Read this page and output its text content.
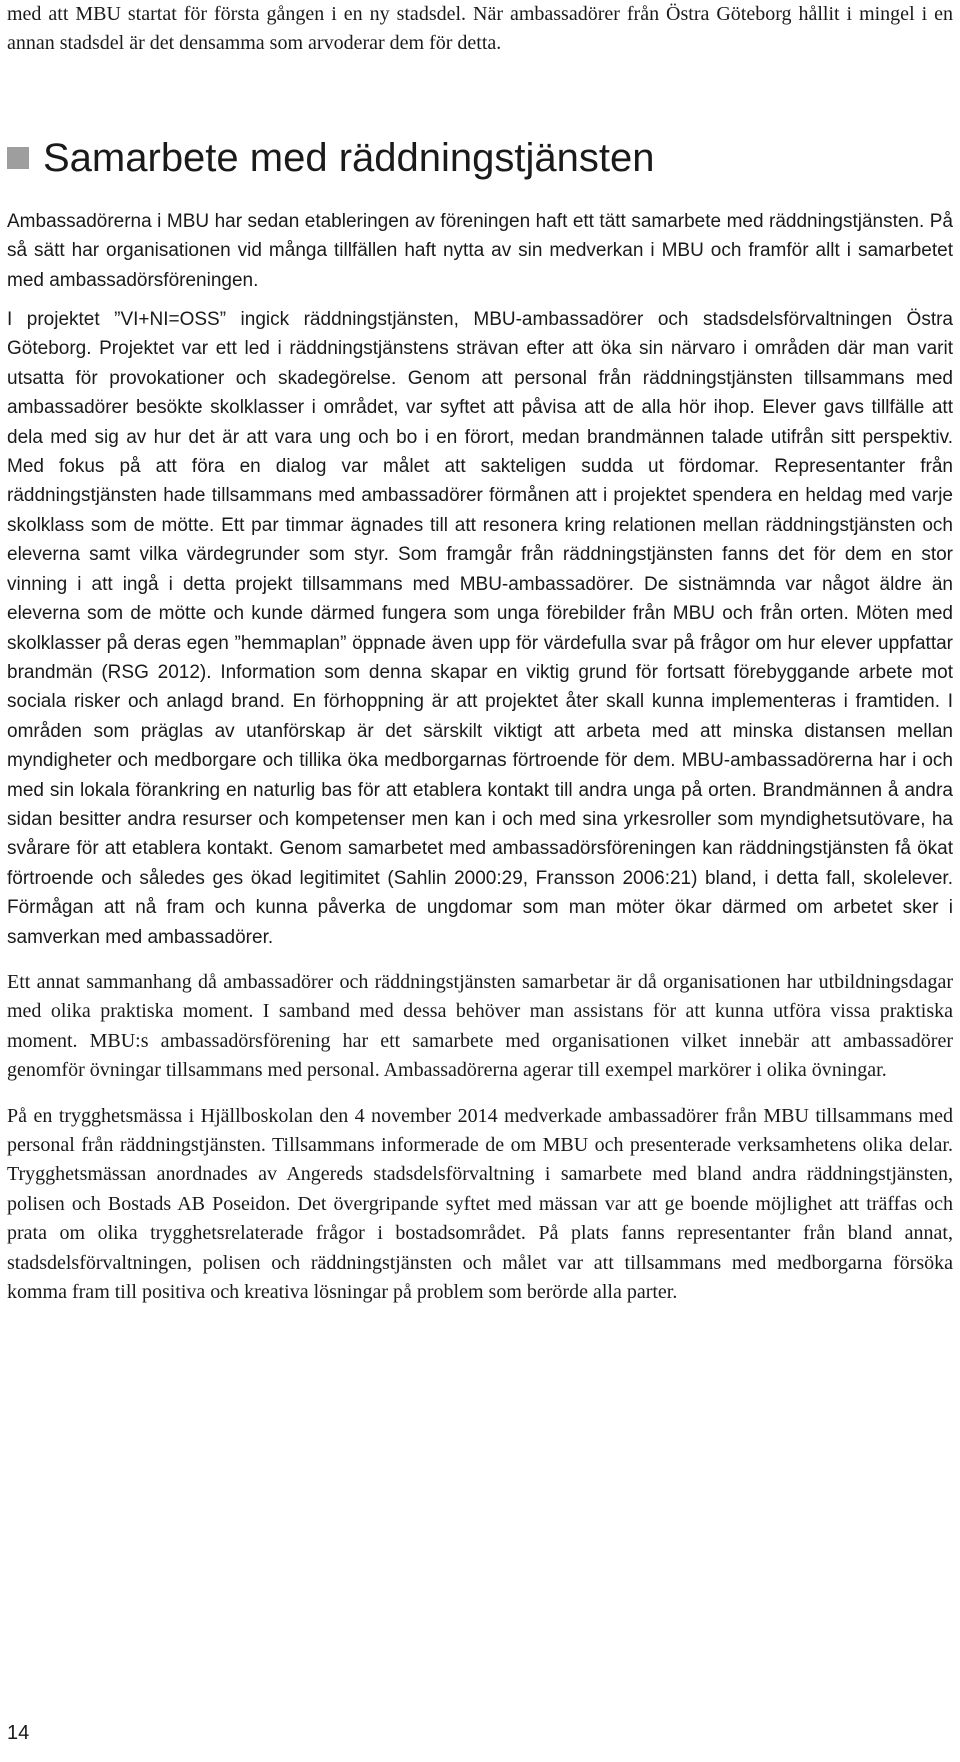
med att MBU startat för första gången i en ny stadsdel. När ambassadörer från Östra Göteborg hållit i mingel i en annan stadsdel är det densamma som arvoderar dem för detta.

Samarbete med räddningstjänsten

Ambassadörerna i MBU har sedan etableringen av föreningen haft ett tätt samarbete med räddningstjänsten. På så sätt har organisationen vid många tillfällen haft nytta av sin medverkan i MBU och framför allt i samarbetet med ambassadörsföreningen.

I projektet ”VI+NI=OSS” ingick räddningstjänsten, MBU-ambassadörer och stadsdelsförvaltningen Östra Göteborg. Projektet var ett led i räddningstjänstens strävan efter att öka sin närvaro i områden där man varit utsatta för provokationer och skadegörelse. Genom att personal från räddningstjänsten tillsammans med ambassadörer besökte skolklasser i området, var syftet att påvisa att de alla hör ihop. Elever gavs tillfälle att dela med sig av hur det är att vara ung och bo i en förort, medan brandmännen talade utifrån sitt perspektiv. Med fokus på att föra en dialog var målet att sakteligen sudda ut fördomar. Representanter från räddningstjänsten hade tillsammans med ambassadörer förmånen att i projektet spendera en heldag med varje skolklass som de mötte. Ett par timmar ägnades till att resonera kring relationen mellan räddningstjänsten och eleverna samt vilka värdegrunder som styr. Som framgår från räddningstjänsten fanns det för dem en stor vinning i att ingå i detta projekt tillsammans med MBU-ambassadörer. De sistnämnda var något äldre än eleverna som de mötte och kunde därmed fungera som unga förebilder från MBU och från orten. Möten med skolklasser på deras egen ”hemmaplan” öppnade även upp för värdefulla svar på frågor om hur elever uppfattar brandmän (RSG 2012). Information som denna skapar en viktig grund för fortsatt förebyggande arbete mot sociala risker och anlagd brand. En förhoppning är att projektet åter skall kunna implementeras i framtiden. I områden som präglas av utanförskap är det särskilt viktigt att arbeta med att minska distansen mellan myndigheter och medborgare och tillika öka medborgarnas förtroende för dem. MBU-ambassadörerna har i och med sin lokala förankring en naturlig bas för att etablera kontakt till andra unga på orten. Brandmännen å andra sidan besitter andra resurser och kompetenser men kan i och med sina yrkesroller som myndighetsutövare, ha svårare för att etablera kontakt. Genom samarbetet med ambassadörsföreningen kan räddningstjänsten få ökat förtroende och således ges ökad legitimitet (Sahlin 2000:29, Fransson 2006:21) bland, i detta fall, skolelever. Förmågan att nå fram och kunna påverka de ungdomar som man möter ökar därmed om arbetet sker i samverkan med ambassadörer.

Ett annat sammanhang då ambassadörer och räddningstjänsten samarbetar är då organisationen har utbildningsdagar med olika praktiska moment. I samband med dessa behöver man assistans för att kunna utföra vissa praktiska moment. MBU:s ambassadörsförening har ett samarbete med organisationen vilket innebär att ambassadörer genomför övningar tillsammans med personal. Ambassadörerna agerar till exempel markörer i olika övningar.

På en trygghetsmässa i Hjällboskolan den 4 november 2014 medverkade ambassadörer från MBU tillsammans med personal från räddningstjänsten. Tillsammans informerade de om MBU och presenterade verksamhetens olika delar. Trygghetsmässan anordnades av Angereds stadsdelsförvaltning i samarbete med bland andra räddningstjänsten, polisen och Bostads AB Poseidon. Det övergripande syftet med mässan var att ge boende möjlighet att träffas och prata om olika trygghetsrelaterade frågor i bostadsområdet. På plats fanns representanter från bland annat, stadsdelsförvaltningen, polisen och räddningstjänsten och målet var att tillsammans med medborgarna försöka komma fram till positiva och kreativa lösningar på problem som berörde alla parter.

14
